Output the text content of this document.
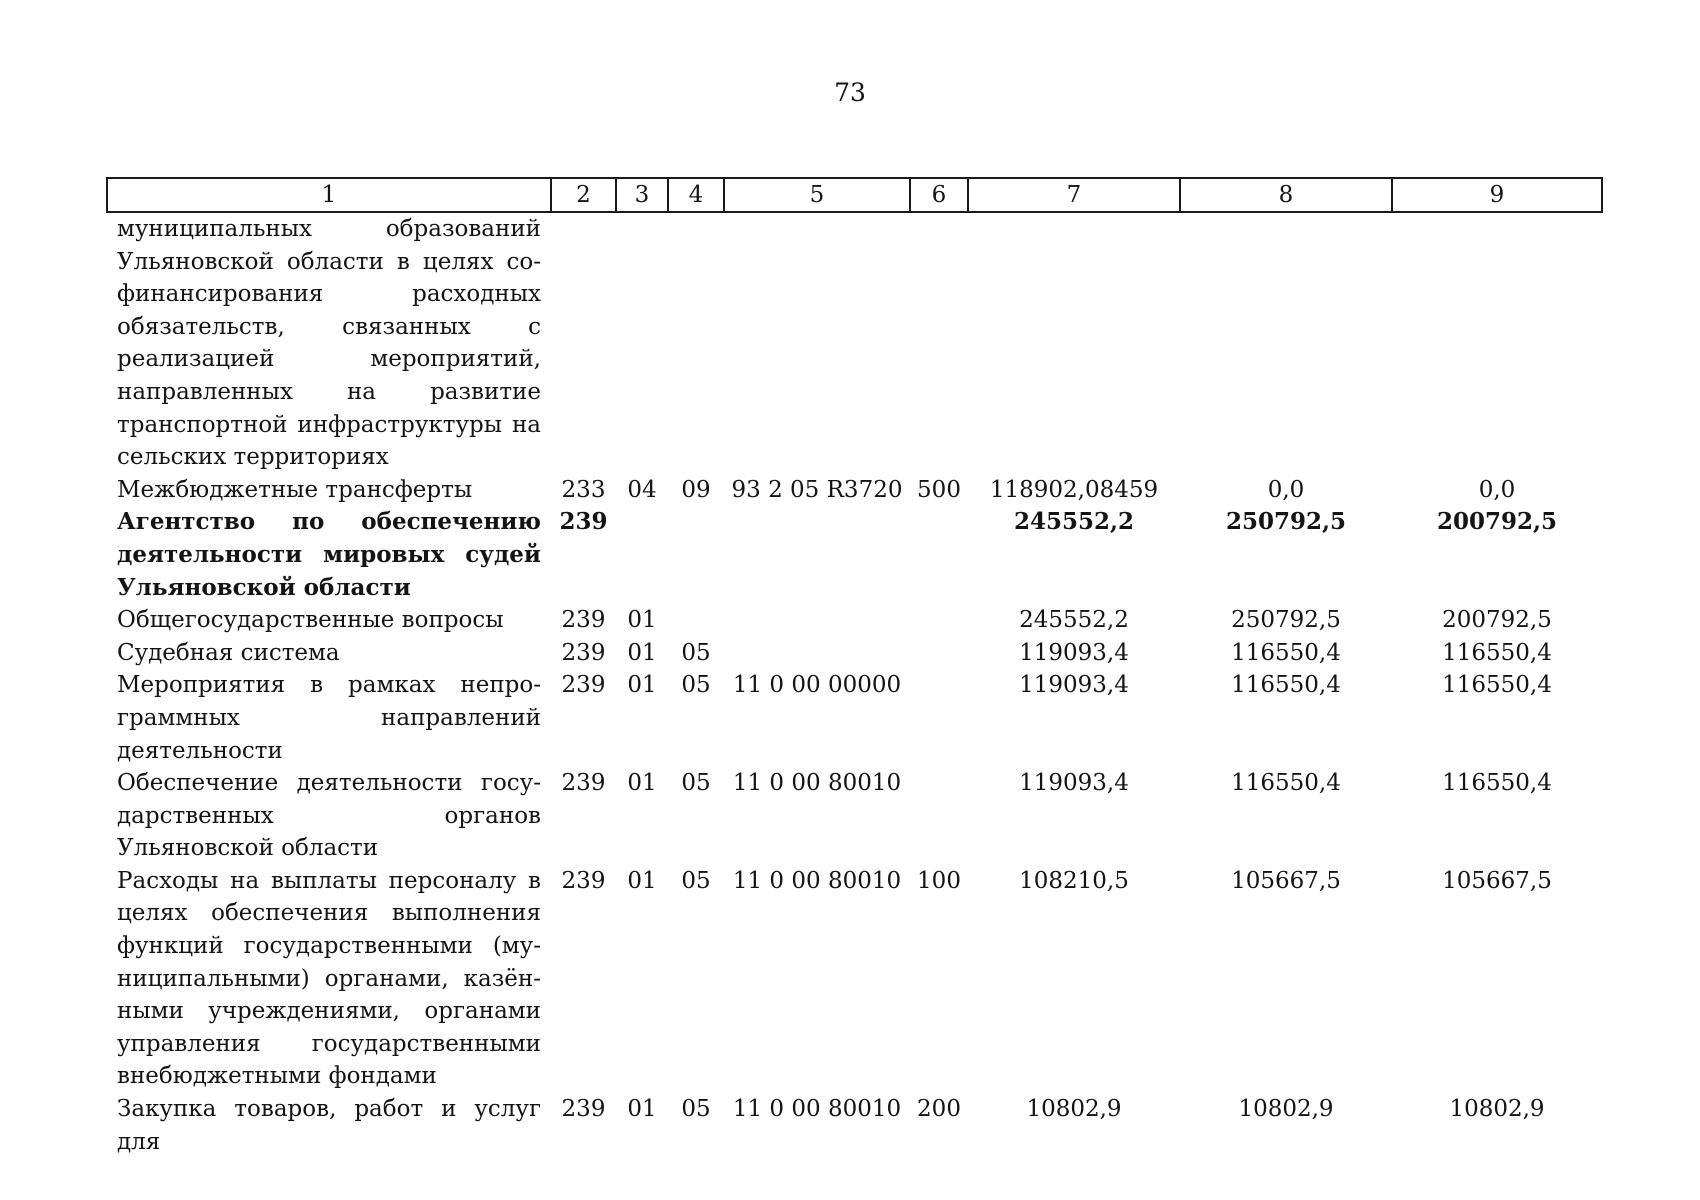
73
1	2	3	4	5	6	7	8	9
муниципальных образований Ульяновской области в целях софинансирования расходных обязательств, связанных с реализацией мероприятий, направленных на развитие транспортной инфраструктуры на сельских территориях								
Межбюджетные трансферты	233	04	09	93 2 05 R3720	500	118902,08459	0,0	0,0
Агентство по обеспечению деятельности мировых судей Ульяновской области	239					245552,2	250792,5	200792,5
Общегосударственные вопросы	239	01				245552,2	250792,5	200792,5
Судебная система	239	01	05			119093,4	116550,4	116550,4
Мероприятия в рамках непрограммных направлений деятельности	239	01	05	11 0 00 00000		119093,4	116550,4	116550,4
Обеспечение деятельности государственных органов Ульяновской области	239	01	05	11 0 00 80010		119093,4	116550,4	116550,4
Расходы на выплаты персоналу в целях обеспечения выполнения функций государственными (муниципальными) органами, казёнными учреждениями, органами управления государственными внебюджетными фондами	239	01	05	11 0 00 80010	100	108210,5	105667,5	105667,5
Закупка товаров, работ и услуг для	239	01	05	11 0 00 80010	200	10802,9	10802,9	10802,9
